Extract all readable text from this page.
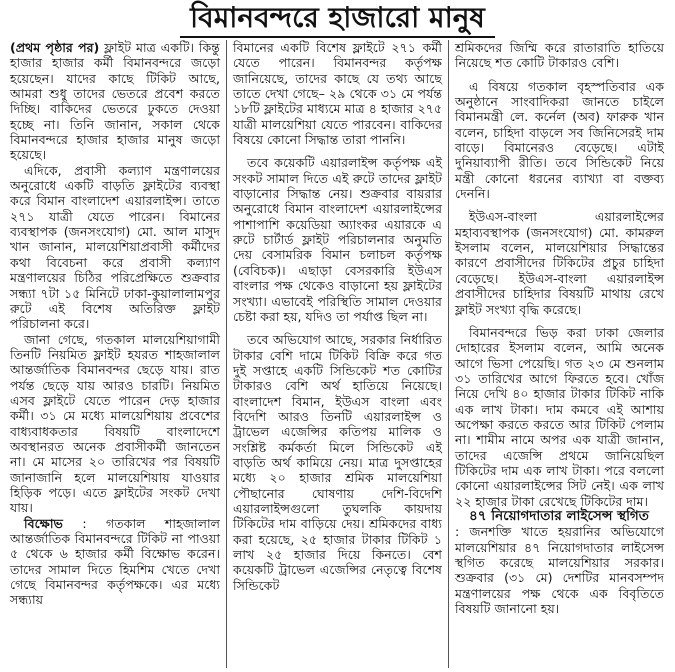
বিমানবন্দরে হাজারো মানুষ

(প্রথম পৃষ্ঠার পর) ফ্লাইট মাত্র একটি। কিন্তু হাজার হাজার কর্মী বিমানবন্দরে জড়ো হয়েছেন। যাদের কাছে টিকিট আছে, আমরা শুধু তাদের ভেতরে প্রবেশ করতে দিচ্ছি। বাকিদের ভেতরে ঢুকতে দেওয়া হচ্ছে না। তিনি জানান, সকাল থেকে বিমানবন্দরে হাজার হাজার মানুষ জড়ো হয়েছে।

এদিকে, প্রবাসী কল্যাণ মন্ত্রণালয়ের অনুরোধে একটি বাড়তি ফ্লাইটের ব্যবস্থা করে বিমান বাংলাদেশ এয়ারলাইন্স। তাতে ২৭১ যাত্রী যেতে পারেন। বিমানের ব্যবস্থাপক (জনসংযোগ) মো. আল মাসুদ খান জানান, মালয়েশিয়াপ্রবাসী কর্মীদের কথা বিবেচনা করে প্রবাসী কল্যাণ মন্ত্রণালয়ের চিঠির পরিপ্রেক্ষিতে শুক্রবার সন্ধ্যা ৭টা ১৫ মিনিটে ঢাকা-কুয়ালালামপুর রুটে এই বিশেষ অতিরিক্ত ফ্লাইট পরিচালনা করে।

জানা গেছে, গতকাল মালয়েশিয়াগামী তিনটি নিয়মিত ফ্লাইট হযরত শাহজালাল আন্তর্জাতিক বিমানবন্দর ছেড়ে যায়। রাত পর্যন্ত ছেড়ে যায় আরও চারটি। নিয়মিত এসব ফ্লাইটে যেতে পারেন দেড় হাজার কর্মী। ৩১ মে মধ্যে মালয়েশিয়ায় প্রবেশের বাধ্যবাধকতার বিষয়টি বাংলাদেশে অবস্থানরত অনেক প্রবাসীকর্মী জানতেন না। মে মাসের ২০ তারিখের পর বিষয়টি জানাজানি হলে মালয়েশিয়ায় যাওয়ার হিড়িক পড়ে। এতে ফ্লাইটের সংকট দেখা যায়।

বিক্ষোভ : গতকাল শাহজালাল আন্তর্জাতিক বিমানবন্দরে টিকিট না পাওয়া ৫ থেকে ৬ হাজার কর্মী বিক্ষোভ করেন। তাদের সামাল দিতে হিমশিম খেতে দেখা গেছে বিমানবন্দর কর্তৃপক্ষকে। এর মধ্যে সন্ধ্যায়

বিমানের একটি বিশেষ ফ্লাইটে ২৭১ কর্মী যেতে পারেন। বিমানবন্দর কর্তৃপক্ষ জানিয়েছে, তাদের কাছে যে তথ্য আছে তাতে দেখা গেছে– ২৯ থেকে ৩১ মে পর্যন্ত ১৮টি ফ্লাইটের মাধ্যমে মাত্র ৪ হাজার ২৭৫ যাত্রী মালয়েশিয়া যেতে পারবেন। বাকিদের বিষয়ে কোনো সিদ্ধান্ত তারা পাননি।

তবে কয়েকটি এয়ারলাইন্স কর্তৃপক্ষ এই সংকট সামাল দিতে এই রুটে তাদের ফ্লাইট বাড়ানোর সিদ্ধান্ত নেয়। শুক্রবার বায়রার অনুরোধে বিমান বাংলাদেশ এয়ারলাইন্সের পাশাপাশি কয়েডিয়া অ্যাংকর এয়ারকে এ রুটে চার্টার্ড ফ্লাইট পরিচালনার অনুমতি দেয় বেসামরিক বিমান চলাচল কর্তৃপক্ষ (বেবিচক)। এছাড়া বেসরকারি ইউএস বাংলার পক্ষ থেকেও বাড়ানো হয় ফ্লাইটের সংখ্যা। এভাবেই পরিস্থিতি সামাল দেওয়ার চেষ্টা করা হয়, যদিও তা পর্যাপ্ত ছিল না।

তবে অভিযোগ আছে, সরকার নির্ধারিত টাকার বেশি দামে টিকিট বিক্রি করে গত দুই সপ্তাহে একটি সিন্ডিকেট শত কোটির টাকারও বেশি অর্থ হাতিয়ে নিয়েছে। বাংলাদেশ বিমান, ইউএস বাংলা এবং বিদেশি আরও তিনটি এয়ারলাইন্স ও ট্রাভেল এজেন্সির কতিপয় মালিক ও সংশ্লিষ্ট কর্মকর্তা মিলে সিন্ডিকেট এই বাড়তি অর্থ কামিয়ে নেয়। মাত্র দুসপ্তাহের মধ্যে ২০ হাজার শ্রমিক মালয়েশিয়া পৌছানোর ঘোষণায় দেশি-বিদেশি এয়ারলাইন্সগুলো তুঘলকি কায়দায় টিকিটের দাম বাড়িয়ে দেয়। শ্রমিকদের বাধ্য করা হয়েছে, ২৫ হাজার টাকার টিকিট ১ লাখ ২৫ হাজার দিয়ে কিনতে। বেশ কয়েকটি ট্রাভেল এজেন্সির নেতৃত্বে বিশেষ সিন্ডিকেট

শ্রমিকদের জিম্মি করে রাতারাতি হাতিয়ে নিয়েছে শত কোটি টাকারও বেশি।

এ বিষয়ে গতকাল বৃহস্পতিবার এক অনুষ্ঠানে সাংবাদিকরা জানতে চাইলে বিমানমন্ত্রী লে. কর্নেল (অব) ফারুক খান বলেন, চাহিদা বাড়লে সব জিনিসেরই দাম বাড়ে। বিমানেরও বেড়েছে। এটাই দুনিয়াব্যাপী রীতি। তবে সিন্ডিকেট নিয়ে মন্ত্রী কোনো ধরনের ব্যাখ্যা বা বক্তব্য দেননি।

ইউএস-বাংলা এয়ারলাইন্সের মহাব্যবস্থাপক (জনসংযোগ) মো. কামরুল ইসলাম বলেন, মালয়েশিয়ার সিদ্ধান্তের কারণে প্রবাসীদের টিকিটের প্রচুর চাহিদা বেড়েছে। ইউএস-বাংলা এয়ারলাইন্স প্রবাসীদের চাহিদার বিষয়টি মাথায় রেখে ফ্লাইট সংখ্যা বৃদ্ধি করেছে।

বিমানবন্দরে ভিড় করা ঢাকা জেলার দোহারের ইসলাম বলেন, আমি অনেক আগে ভিসা পেয়েছি। গত ২৩ মে শুনলাম ৩১ তারিখের আগে ফিরতে হবে। খোঁজ নিয়ে দেখি ৪০ হাজার টাকার টিকিট নাকি এক লাখ টাকা। দাম কমবে এই আশায় অপেক্ষা করতে করতে আর টিকিট পেলাম না। শামীম নামে অপর এক যাত্রী জানান, তাদের এজেন্সি প্রথমে জানিয়েছিল টিকিটের দাম এক লাখ টাকা। পরে বললো কোনো এয়ারলাইন্সের সিট নেই। এক লাখ ২২ হাজার টাকা রেখেছে টিকিটের দাম।

৪৭ নিয়োগদাতার লাইসেন্স স্থগিত

: জনশক্তি খাতে হয়রানির অভিযোগে মালয়েশিয়ার ৪৭ নিয়োগদাতার লাইসেন্স স্থগিত করেছে মালয়েশিয়ার সরকার। শুক্রবার (৩১ মে) দেশটির মানবসম্পদ মন্ত্রণালয়ের পক্ষ থেকে এক বিবৃতিতে বিষয়টি জানানো হয়।
